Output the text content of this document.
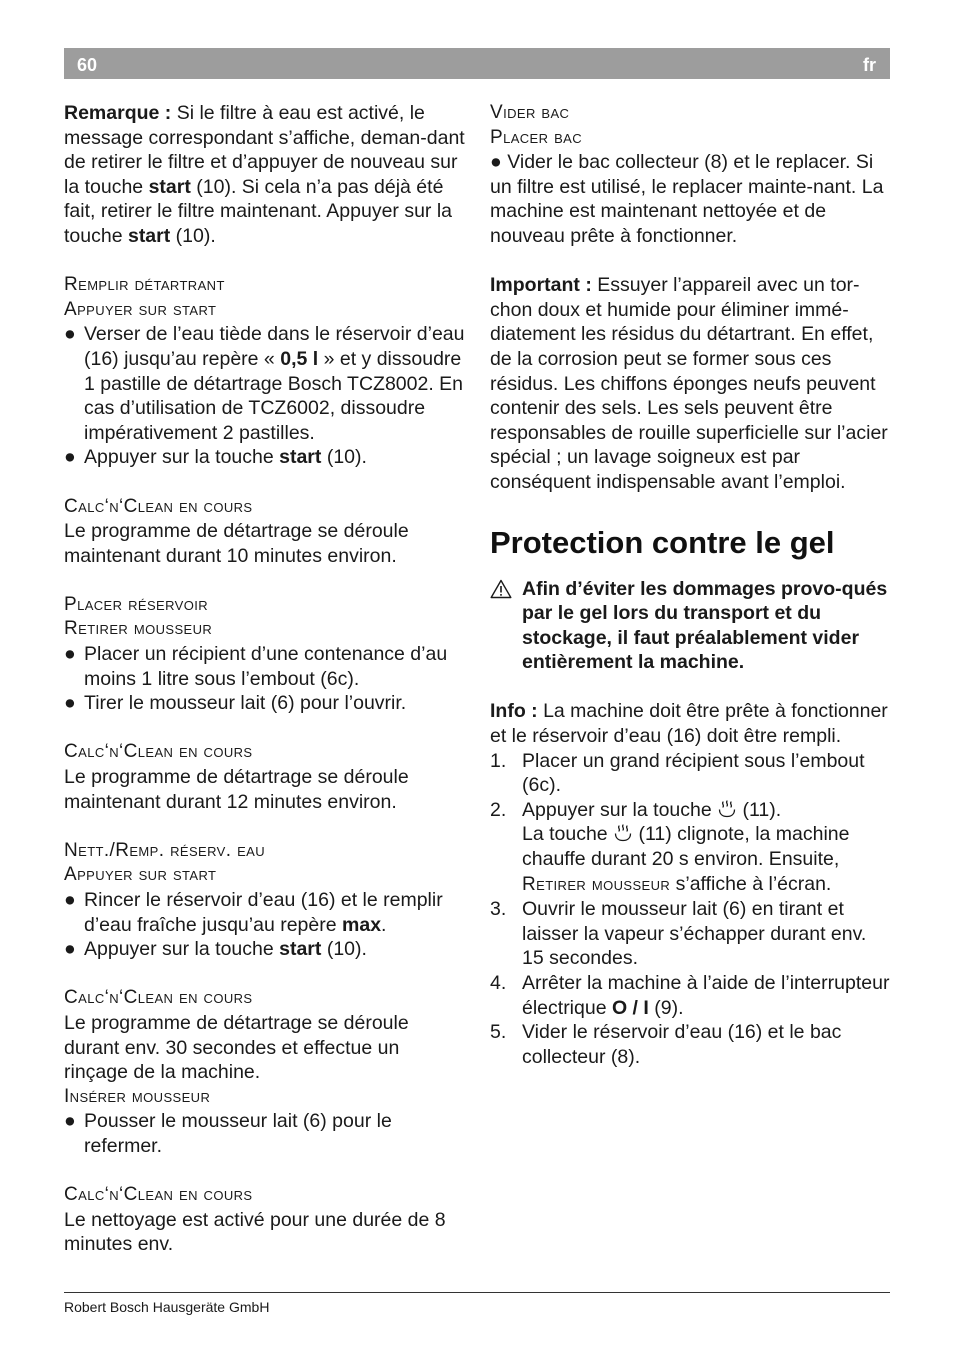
60	fr

Remarque : Si le filtre à eau est activé, le message correspondant s’affiche, deman-dant de retirer le filtre et d’appuyer de nouveau sur la touche start (10). Si cela n’a pas déjà été fait, retirer le filtre maintenant. Appuyer sur la touche start (10).

Remplir détartrant

Appuyer sur start

● Verser de l’eau tiède dans le réservoir d’eau (16) jusqu’au repère « 0,5 l » et y dissoudre 1 pastille de détartrage Bosch TCZ8002. En cas d’utilisation de TCZ6002, dissoudre impérativement 2 pastilles.
● Appuyer sur la touche start (10).

Calc‘n‘Clean en cours

Le programme de détartrage se déroule maintenant durant 10 minutes environ.

Placer réservoir

Retirer mousseur

● Placer un récipient d’une contenance d’au moins 1 litre sous l’embout (6c).
● Tirer le mousseur lait (6) pour l’ouvrir.

Calc‘n‘Clean en cours

Le programme de détartrage se déroule maintenant durant 12 minutes environ.

Nett./Remp. réserv. eau

Appuyer sur start

● Rincer le réservoir d’eau (16) et le remplir d’eau fraîche jusqu’au repère max.
● Appuyer sur la touche start (10).

Calc‘n‘Clean en cours

Le programme de détartrage se déroule durant env. 30 secondes et effectue un rinçage de la machine.

Insérer mousseur

● Pousser le mousseur lait (6) pour le refermer.

Calc‘n‘Clean en cours

Le nettoyage est activé pour une durée de 8 minutes env.

Vider bac

Placer bac

● Vider le bac collecteur (8) et le replacer. Si un filtre est utilisé, le replacer mainte-nant. La machine est maintenant nettoyée et de nouveau prête à fonctionner.

Important : Essuyer l’appareil avec un tor-chon doux et humide pour éliminer immé-diatement les résidus du détartrant. En effet, de la corrosion peut se former sous ces résidus. Les chiffons éponges neufs peuvent contenir des sels. Les sels peuvent être responsables de rouille superficielle sur l’acier spécial ; un lavage soigneux est par conséquent indispensable avant l’emploi.

Protection contre le gel
Afin d’éviter les dommages provo-qués par le gel lors du transport et du stockage, il faut préalablement vider entièrement la machine.

Info : La machine doit être prête à fonctionner et le réservoir d’eau (16) doit être rempli.

1. Placer un grand récipient sous l’embout (6c).
2. Appuyer sur la touche  (11).
La touche  (11) clignote, la machine chauffe durant 20 s environ. Ensuite, Retirer mousseur s’affiche à l’écran.
3. Ouvrir le mousseur lait (6) en tirant et laisser la vapeur s’échapper durant env. 15 secondes.
4. Arrêter la machine à l’aide de l’interrupteur électrique O / I (9).
5. Vider le réservoir d’eau (16) et le bac collecteur (8).
Robert Bosch Hausgeräte GmbH
